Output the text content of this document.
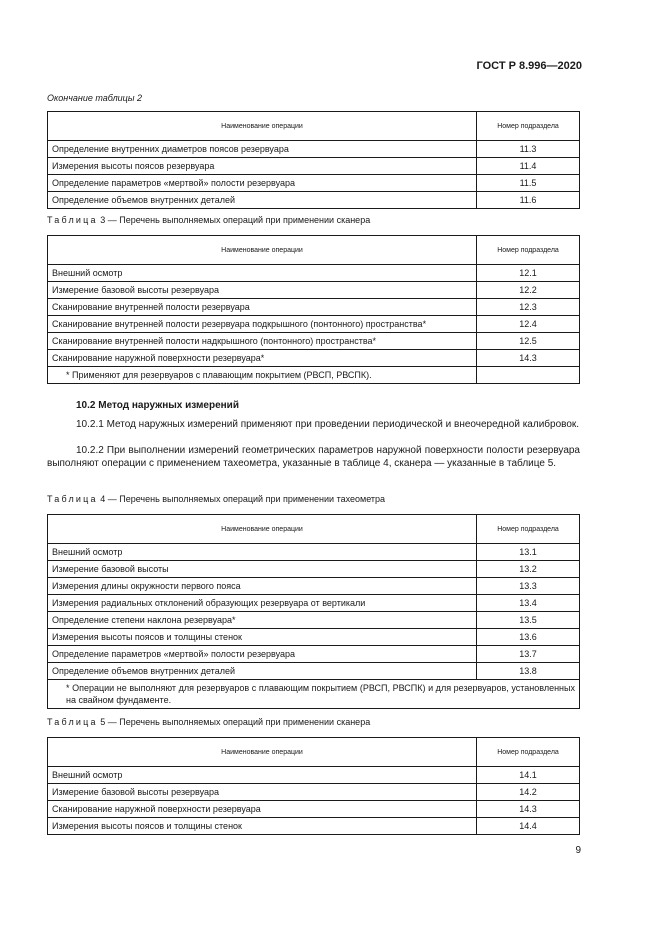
ГОСТ Р 8.996—2020
Окончание таблицы 2
Наименование операции	Номер подраздела
Определение внутренних диаметров поясов резервуара	11.3
Измерения высоты поясов резервуара	11.4
Определение параметров «мертвой» полости резервуара	11.5
Определение объемов внутренних деталей	11.6
Таблица 3 — Перечень выполняемых операций при применении сканера
Наименование операции	Номер подраздела
Внешний осмотр	12.1
Измерение базовой высоты резервуара	12.2
Сканирование внутренней полости резервуара	12.3
Сканирование внутренней полости резервуара подкрышного (понтонного) пространства*	12.4
Сканирование внутренней полости надкрышного (понтонного) пространства*	12.5
Сканирование наружной поверхности резервуара*	14.3
* Применяют для резервуаров с плавающим покрытием (РВСП, РВСПК).	
10.2 Метод наружных измерений
10.2.1 Метод наружных измерений применяют при проведении периодической и внеочередной калибровок.
10.2.2 При выполнении измерений геометрических параметров наружной поверхности полости резервуара выполняют операции с применением тахеометра, указанные в таблице 4, сканера — указанные в таблице 5.
Таблица 4 — Перечень выполняемых операций при применении тахеометра
Наименование операции	Номер подраздела
Внешний осмотр	13.1
Измерение базовой высоты	13.2
Измерения длины окружности первого пояса	13.3
Измерения радиальных отклонений образующих резервуара от вертикали	13.4
Определение степени наклона резервуара*	13.5
Измерения высоты поясов и толщины стенок	13.6
Определение параметров «мертвой» полости резервуара	13.7
Определение объемов внутренних деталей	13.8
* Операции не выполняют для резервуаров с плавающим покрытием (РВСП, РВСПК) и для резервуаров, установленных на свайном фундаменте.	
Таблица 5 — Перечень выполняемых операций при применении сканера
Наименование операции	Номер подраздела
Внешний осмотр	14.1
Измерение базовой высоты резервуара	14.2
Сканирование наружной поверхности резервуара	14.3
Измерения высоты поясов и толщины стенок	14.4
9
